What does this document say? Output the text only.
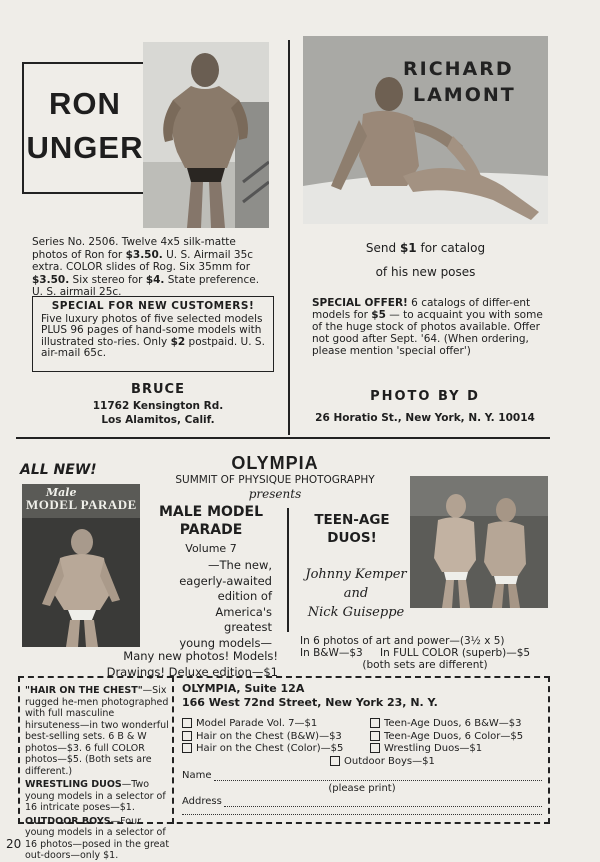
RON
UNGER
Series No. 2506. Twelve 4x5 silk-matte photos of Ron for $3.50. U. S. Airmail 35c extra. COLOR slides of Rog. Six 35mm for $3.50. Six stereo for $4. State preference. U. S. airmail 25c.
SPECIAL FOR NEW CUSTOMERS!
Five luxury photos of five selected models PLUS 96 pages of hand-some models with illustrated sto-ries. Only $2 postpaid. U. S. air-mail 65c.
BRUCE
11762 Kensington Rd.
Los Alamitos, Calif.
RICHARD
LAMONT
Send $1 for catalog
of his new poses
SPECIAL OFFER! 6 catalogs of differ-ent models for $5 — to acquaint you with some of the huge stock of photos available. Offer not good after Sept. '64. (When ordering, please mention 'special offer')
PHOTO BY D
26 Horatio St., New York, N. Y. 10014
ALL NEW!	OLYMPIA
SUMMIT OF PHYSIQUE PHOTOGRAPHY
presents
Male
MODEL PARADE	MALE MODEL
PARADE
Volume 7
—The new,
eagerly-awaited
edition of
America's
greatest
young models—
Many new photos! Models!
Drawings! Deluxe edition—$1
TEEN-AGE
DUOS!
Johnny Kemper
and
Nick Guiseppe
In 6 photos of art and power—(3½ x 5)
In B&W—$3 In FULL COLOR (superb)—$5
(both sets are different)
"HAIR ON THE CHEST"—Six rugged he-men photographed with full masculine hirsuteness—in two wonderful best-selling sets. 6 B & W photos—$3. 6 full COLOR photos—$5. (Both sets are different.)
WRESTLING DUOS—Two young models in a selector of 16 intricate poses—$1.
OUTDOOR BOYS—Four young models in a selector of 16 photos—posed in the great out-doors—only $1.
OLYMPIA, Suite 12A
166 West 72nd Street, New York 23, N. Y.
Model Parade Vol. 7—$1
Hair on the Chest (B&W)—$3
Hair on the Chest (Color)—$5
Teen-Age Duos, 6 B&W—$3
Teen-Age Duos, 6 Color—$5
Wrestling Duos—$1
Outdoor Boys—$1
Name
(please print)
Address
20
